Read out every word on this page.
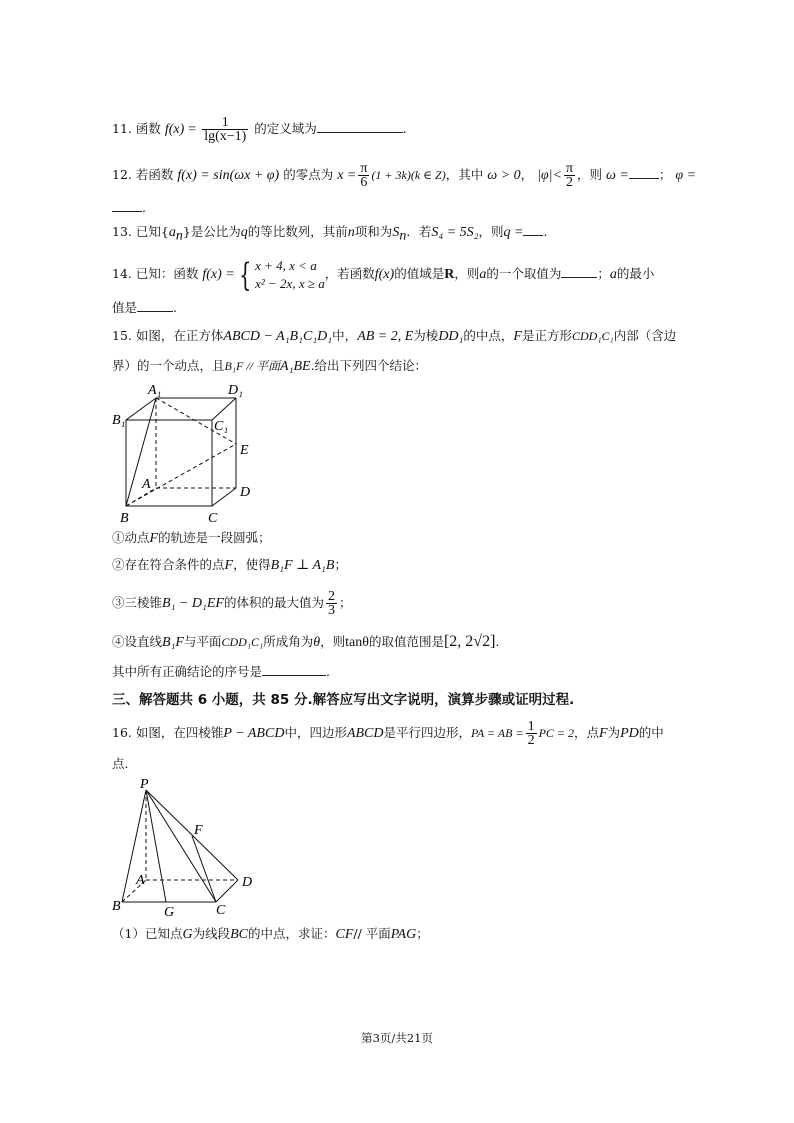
11. 函数 $f(x) = \frac{1}{\lg(x-1)}$ 的定义域为	.
12. 若函数 f(x) = sin(ωx + φ) 的零点为 $x = \frac{\pi}{6} (1 + 3k)(k$ ∈ Z)，其中 ω > 0， $|\varphi|< \frac{\pi}{2}$ ，则 ω = ； φ =
.
13. 已知$\{a_n\}$是公比为q的等比数列，其前n项和为$S_n$．若S₄ = 5S₂，则q = .
14. 已知：函数 f(x) = { x + 4, x < a
x² − 2x, x ≥ a
，若函数f(x)的值域是R，则a的一个取值为	；a的最小
值是	.
15. 如图，在正方体ABCD − A₁B₁C₁D₁中，AB = 2, E为棱DD₁的中点，F是正方形CDD₁C₁内部（含边
界）的一个动点，且B₁F // 平面A₁BE.给出下列四个结论：
A₁	D₁
B₁	C₁
E
A
D
B	C
①动点F的轨迹是一段圆弧；
②存在符合条件的点F，使得B₁F ⊥ A₁B；
③三棱锥B₁ − D₁EF的体积的最大值为 $\frac{2}{3}$ ；
④设直线B₁F与平面CDD₁C₁所成角为θ，则tanθ的取值范围是[2, 2√2].
其中所有正确结论的序号是	.
三、解答题共 6 小题，共 85 分.解答应写出文字说明，演算步骤或证明过程.
16. 如图，在四棱锥P − ABCD中，四边形ABCD是平行四边形，PA = AB = $\frac{1}{2}$ PC = 2，点F为PD的中
点.
P
F
A	D
B	G	C
（1）已知点G为线段BC的中点，求证：CF// 平面PAG；
第3页/共21页
